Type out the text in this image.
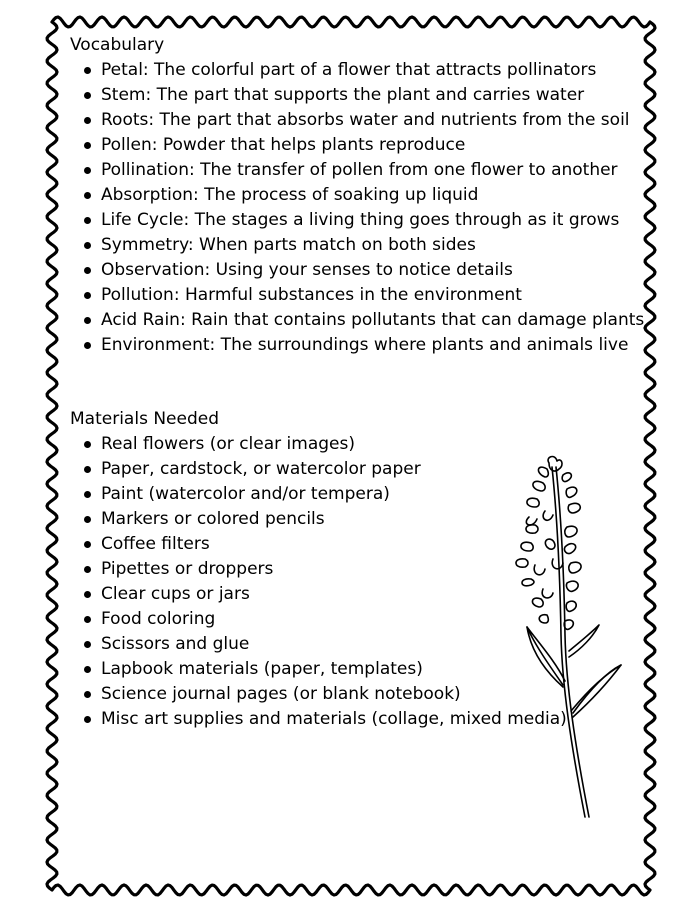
Vocabulary
Petal: The colorful part of a flower that attracts pollinators
Stem: The part that supports the plant and carries water
Roots: The part that absorbs water and nutrients from the soil
Pollen: Powder that helps plants reproduce
Pollination: The transfer of pollen from one flower to another
Absorption: The process of soaking up liquid
Life Cycle: The stages a living thing goes through as it grows
Symmetry: When parts match on both sides
Observation: Using your senses to notice details
Pollution: Harmful substances in the environment
Acid Rain: Rain that contains pollutants that can damage plants
Environment: The surroundings where plants and animals live
Materials Needed
Real flowers (or clear images)
Paper, cardstock, or watercolor paper
Paint (watercolor and/or tempera)
Markers or colored pencils
Coffee filters
Pipettes or droppers
Clear cups or jars
Food coloring
Scissors and glue
Lapbook materials (paper, templates)
Science journal pages (or blank notebook)
Misc art supplies and materials (collage, mixed media)
